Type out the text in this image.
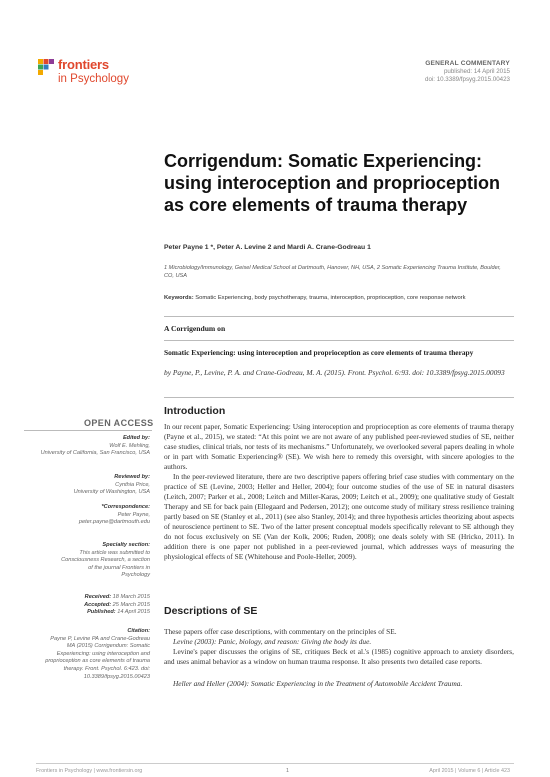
frontiers
in Psychology
GENERAL COMMENTARY
published: 14 April 2015
doi: 10.3389/fpsyg.2015.00423
Corrigendum: Somatic Experiencing: using interoception and proprioception as core elements of trauma therapy
Peter Payne 1 *, Peter A. Levine 2 and Mardi A. Crane-Godreau 1
1 Microbiology/Immunology, Geisel Medical School at Dartmouth, Hanover, NH, USA, 2 Somatic Experiencing Trauma Institute, Boulder, CO, USA
Keywords: Somatic Experiencing, body psychotherapy, trauma, interoception, proprioception, core response network
A Corrigendum on
Somatic Experiencing: using interoception and proprioception as core elements of trauma therapy
by Payne, P., Levine, P. A. and Crane-Godreau, M. A. (2015). Front. Psychol. 6:93. doi: 10.3389/fpsyg.2015.00093
OPEN ACCESS
Edited by:
Wolf E. Mehling,
University of California, San Francisco, USA
Reviewed by:
Cynthia Price,
University of Washington, USA
*Correspondence:
Peter Payne,
peter.payne@dartmouth.edu
Specialty section:
This article was submitted to Consciousness Research, a section of the journal Frontiers in Psychology
Received: 18 March 2015
Accepted: 25 March 2015
Published: 14 April 2015
Citation:
Payne P, Levine PA and Crane-Godreau MA (2015) Corrigendum: Somatic Experiencing: using interoception and proprioception as core elements of trauma therapy. Front. Psychol. 6:423. doi: 10.3389/fpsyg.2015.00423
Introduction
In our recent paper, Somatic Experiencing: Using interoception and proprioception as core elements of trauma therapy (Payne et al., 2015), we stated: “At this point we are not aware of any published peer-reviewed studies of SE, neither case studies, clinical trials, nor tests of its mechanisms.” Unfortunately, we overlooked several papers dealing in whole or in part with Somatic Experiencing® (SE). We wish here to remedy this oversight, with sincere apologies to the authors.
In the peer-reviewed literature, there are two descriptive papers offering brief case studies with commentary on the practice of SE (Levine, 2003; Heller and Heller, 2004); four outcome studies of the use of SE in natural disasters (Leitch, 2007; Parker et al., 2008; Leitch and Miller-Karas, 2009; Leitch et al., 2009); one qualitative study of Gestalt Therapy and SE for back pain (Ellegaard and Pedersen, 2012); one outcome study of military stress resilience training partly based on SE (Stanley et al., 2011) (see also Stanley, 2014); and three hypothesis articles theorizing about aspects of neuroscience pertinent to SE. Two of the latter present conceptual models specifically relevant to SE although they do not focus exclusively on SE (Van der Kolk, 2006; Ruden, 2008); one deals solely with SE (Hricko, 2011). In addition there is one paper not published in a peer-reviewed journal, which addresses ways of measuring the physiological effects of SE (Whitehouse and Poole-Heller, 2009).
Descriptions of SE
These papers offer case descriptions, with commentary on the principles of SE.
Levine (2003): Panic, biology, and reason: Giving the body its due.
Levine's paper discusses the origins of SE, critiques Beck et al.'s (1985) cognitive approach to anxiety disorders, and uses animal behavior as a window on human trauma response. It also presents two detailed case reports.
Heller and Heller (2004): Somatic Experiencing in the Treatment of Automobile Accident Trauma.
Frontiers in Psychology | www.frontiersin.org	1	April 2015 | Volume 6 | Article 423
